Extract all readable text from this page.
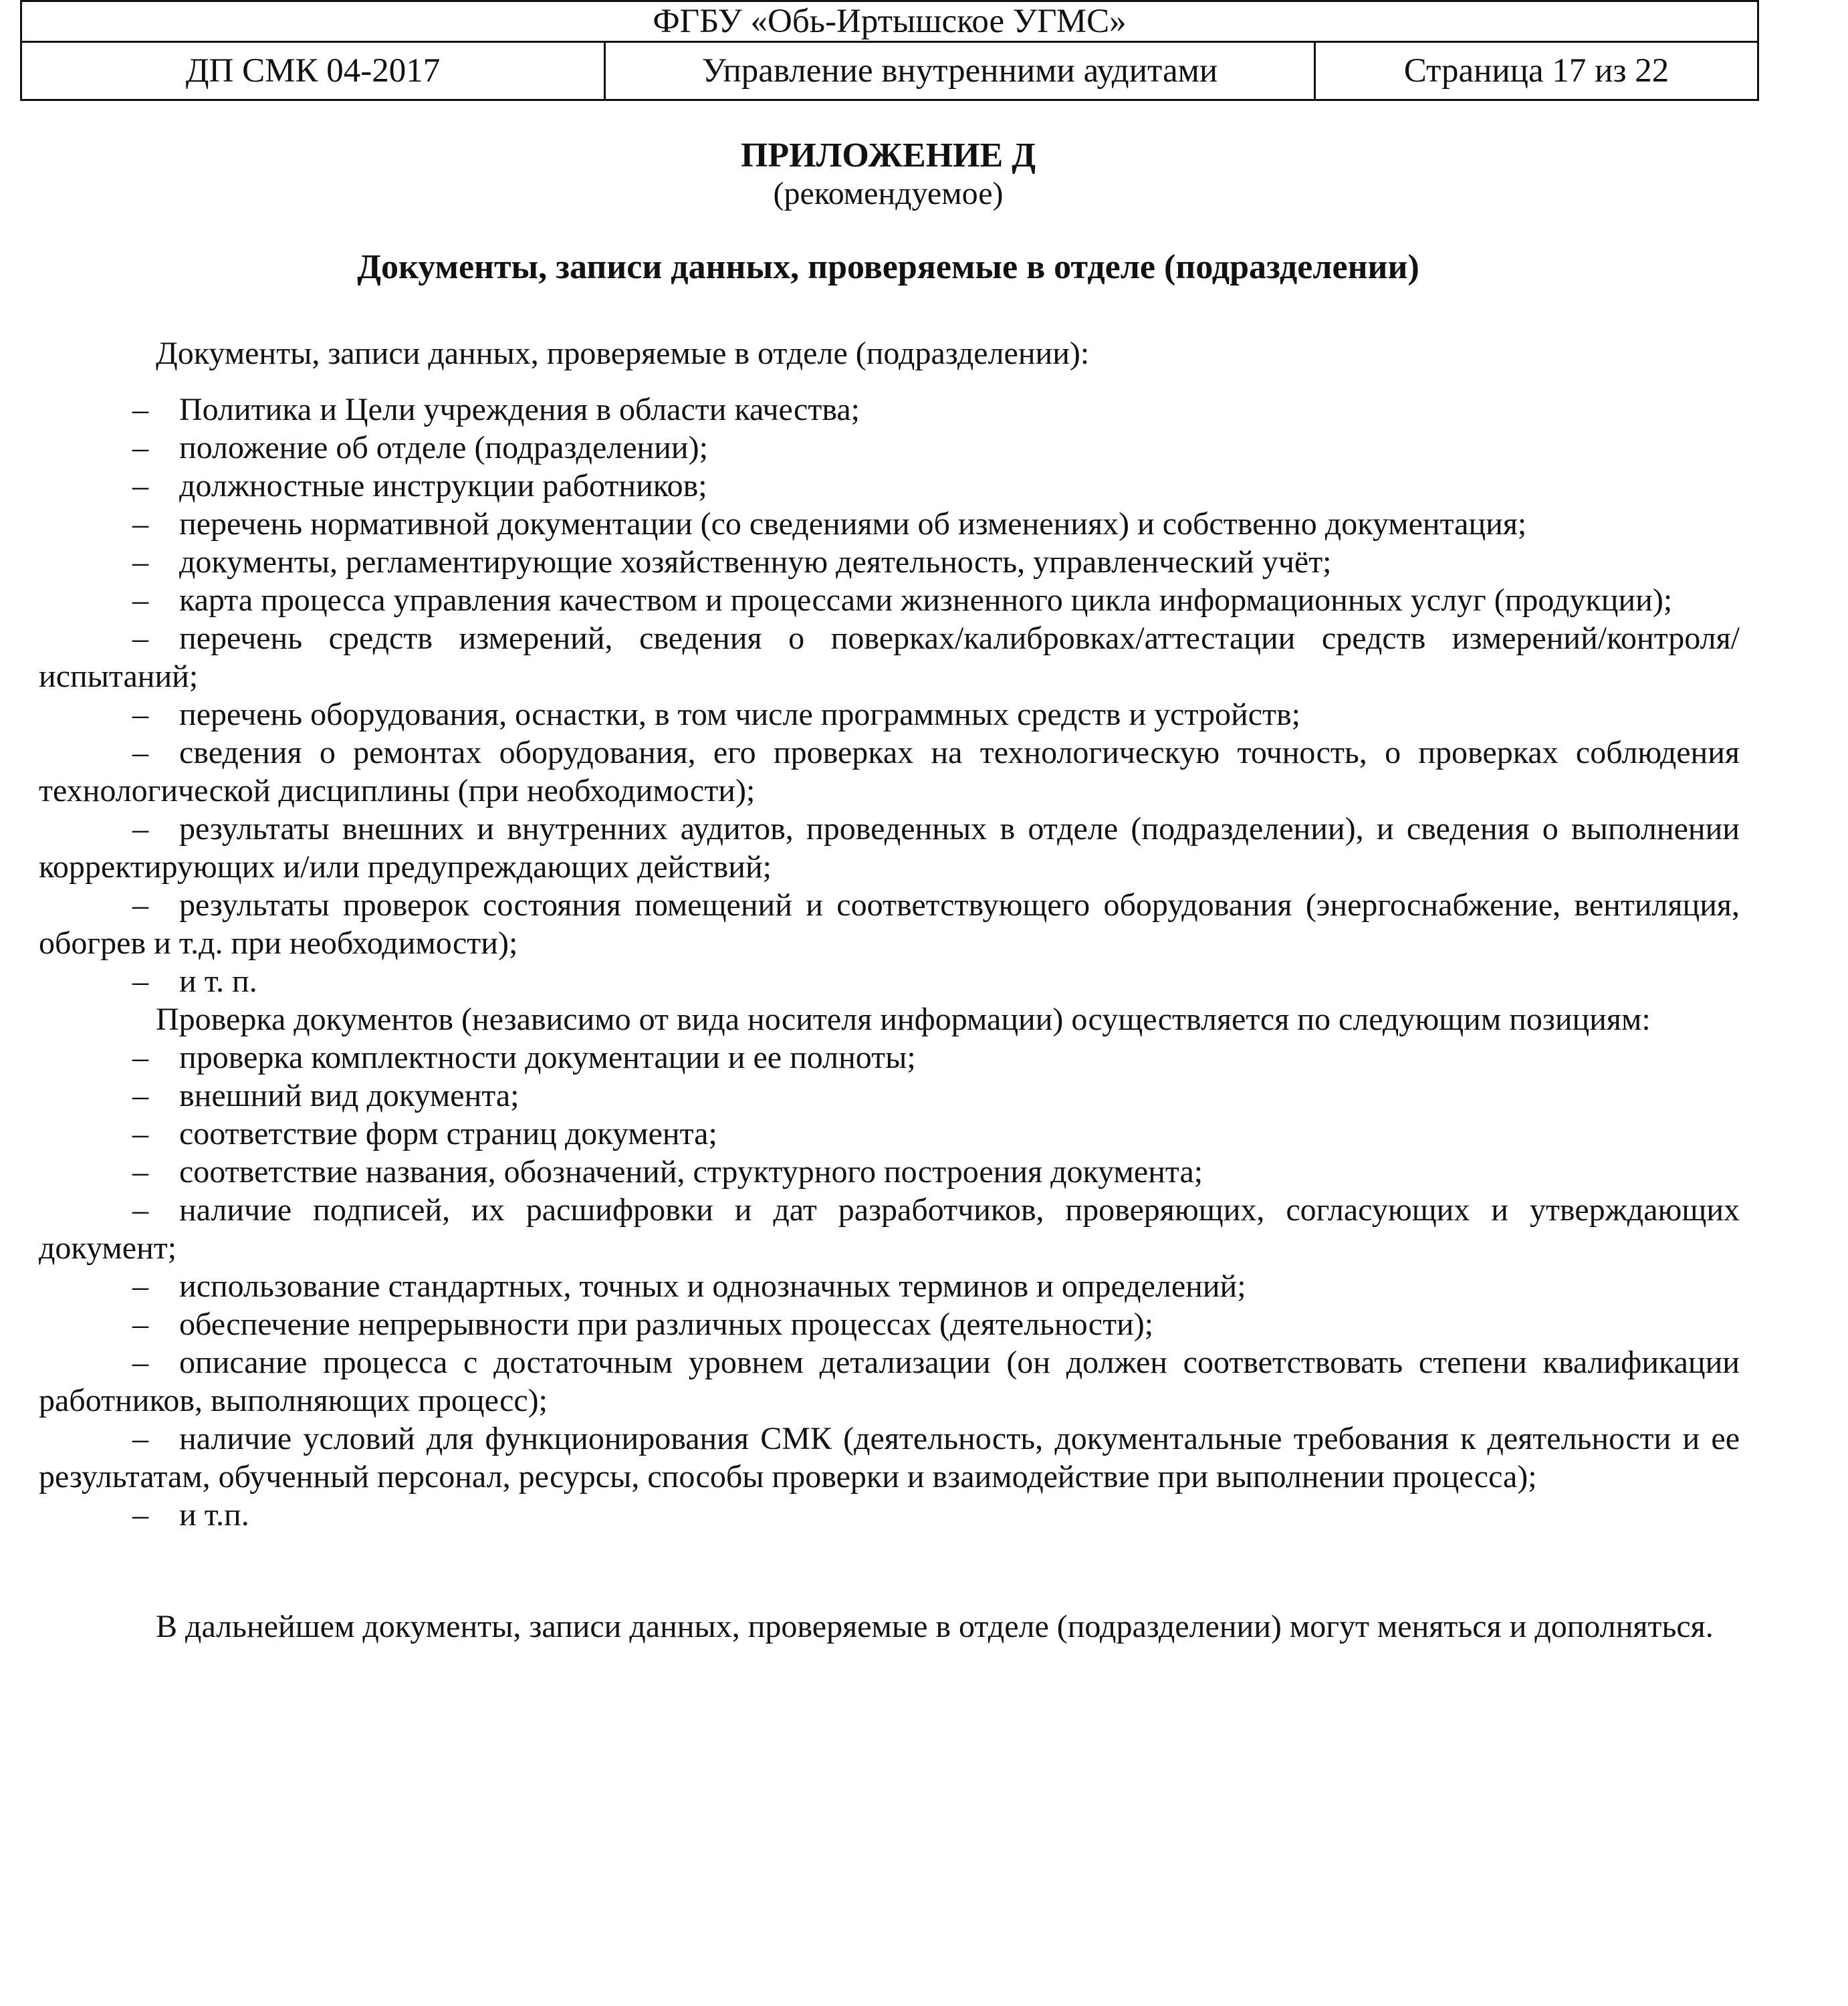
ФГБУ «Обь-Иртышское УГМС»
ДП СМК 04-2017	Управление внутренними аудитами	Страница 17 из 22
ПРИЛОЖЕНИЕ Д
(рекомендуемое)
Документы, записи данных, проверяемые в отделе (подразделении)

Документы, записи данных, проверяемые в отделе (подразделении):

– Политика и Цели учреждения в области качества;

– положение об отделе (подразделении);

– должностные инструкции работников;

– перечень нормативной документации (со сведениями об изменениях) и собственно документация;

– документы, регламентирующие хозяйственную деятельность, управленческий учёт;

– карта процесса управления качеством и процессами жизненного цикла информационных услуг (продукции);

– перечень средств измерений, сведения о поверках/калибровках/аттестации средств измерений/контроля/испытаний;

– перечень оборудования, оснастки, в том числе программных средств и устройств;

– сведения о ремонтах оборудования, его проверках на технологическую точность, о проверках соблюдения технологической дисциплины (при необходимости);

– результаты внешних и внутренних аудитов, проведенных в отделе (подразделении), и сведения о выполнении корректирующих и/или предупреждающих действий;

– результаты проверок состояния помещений и соответствующего оборудования (энергоснабжение, вентиляция, обогрев и т.д. при необходимости);

– и т. п.

Проверка документов (независимо от вида носителя информации) осуществляется по следующим позициям:

– проверка комплектности документации и ее полноты;

– внешний вид документа;

– соответствие форм страниц документа;

– соответствие названия, обозначений, структурного построения документа;

– наличие подписей, их расшифровки и дат разработчиков, проверяющих, согласующих и утверждающих документ;

– использование стандартных, точных и однозначных терминов и определений;

– обеспечение непрерывности при различных процессах (деятельности);

– описание процесса с достаточным уровнем детализации (он должен соответствовать степени квалификации работников, выполняющих процесс);

– наличие условий для функционирования СМК (деятельность, документальные требования к деятельности и ее результатам, обученный персонал, ресурсы, способы проверки и взаимодействие при выполнении процесса);

– и т.п.

В дальнейшем документы, записи данных, проверяемые в отделе (подразделении) могут меняться и дополняться.
